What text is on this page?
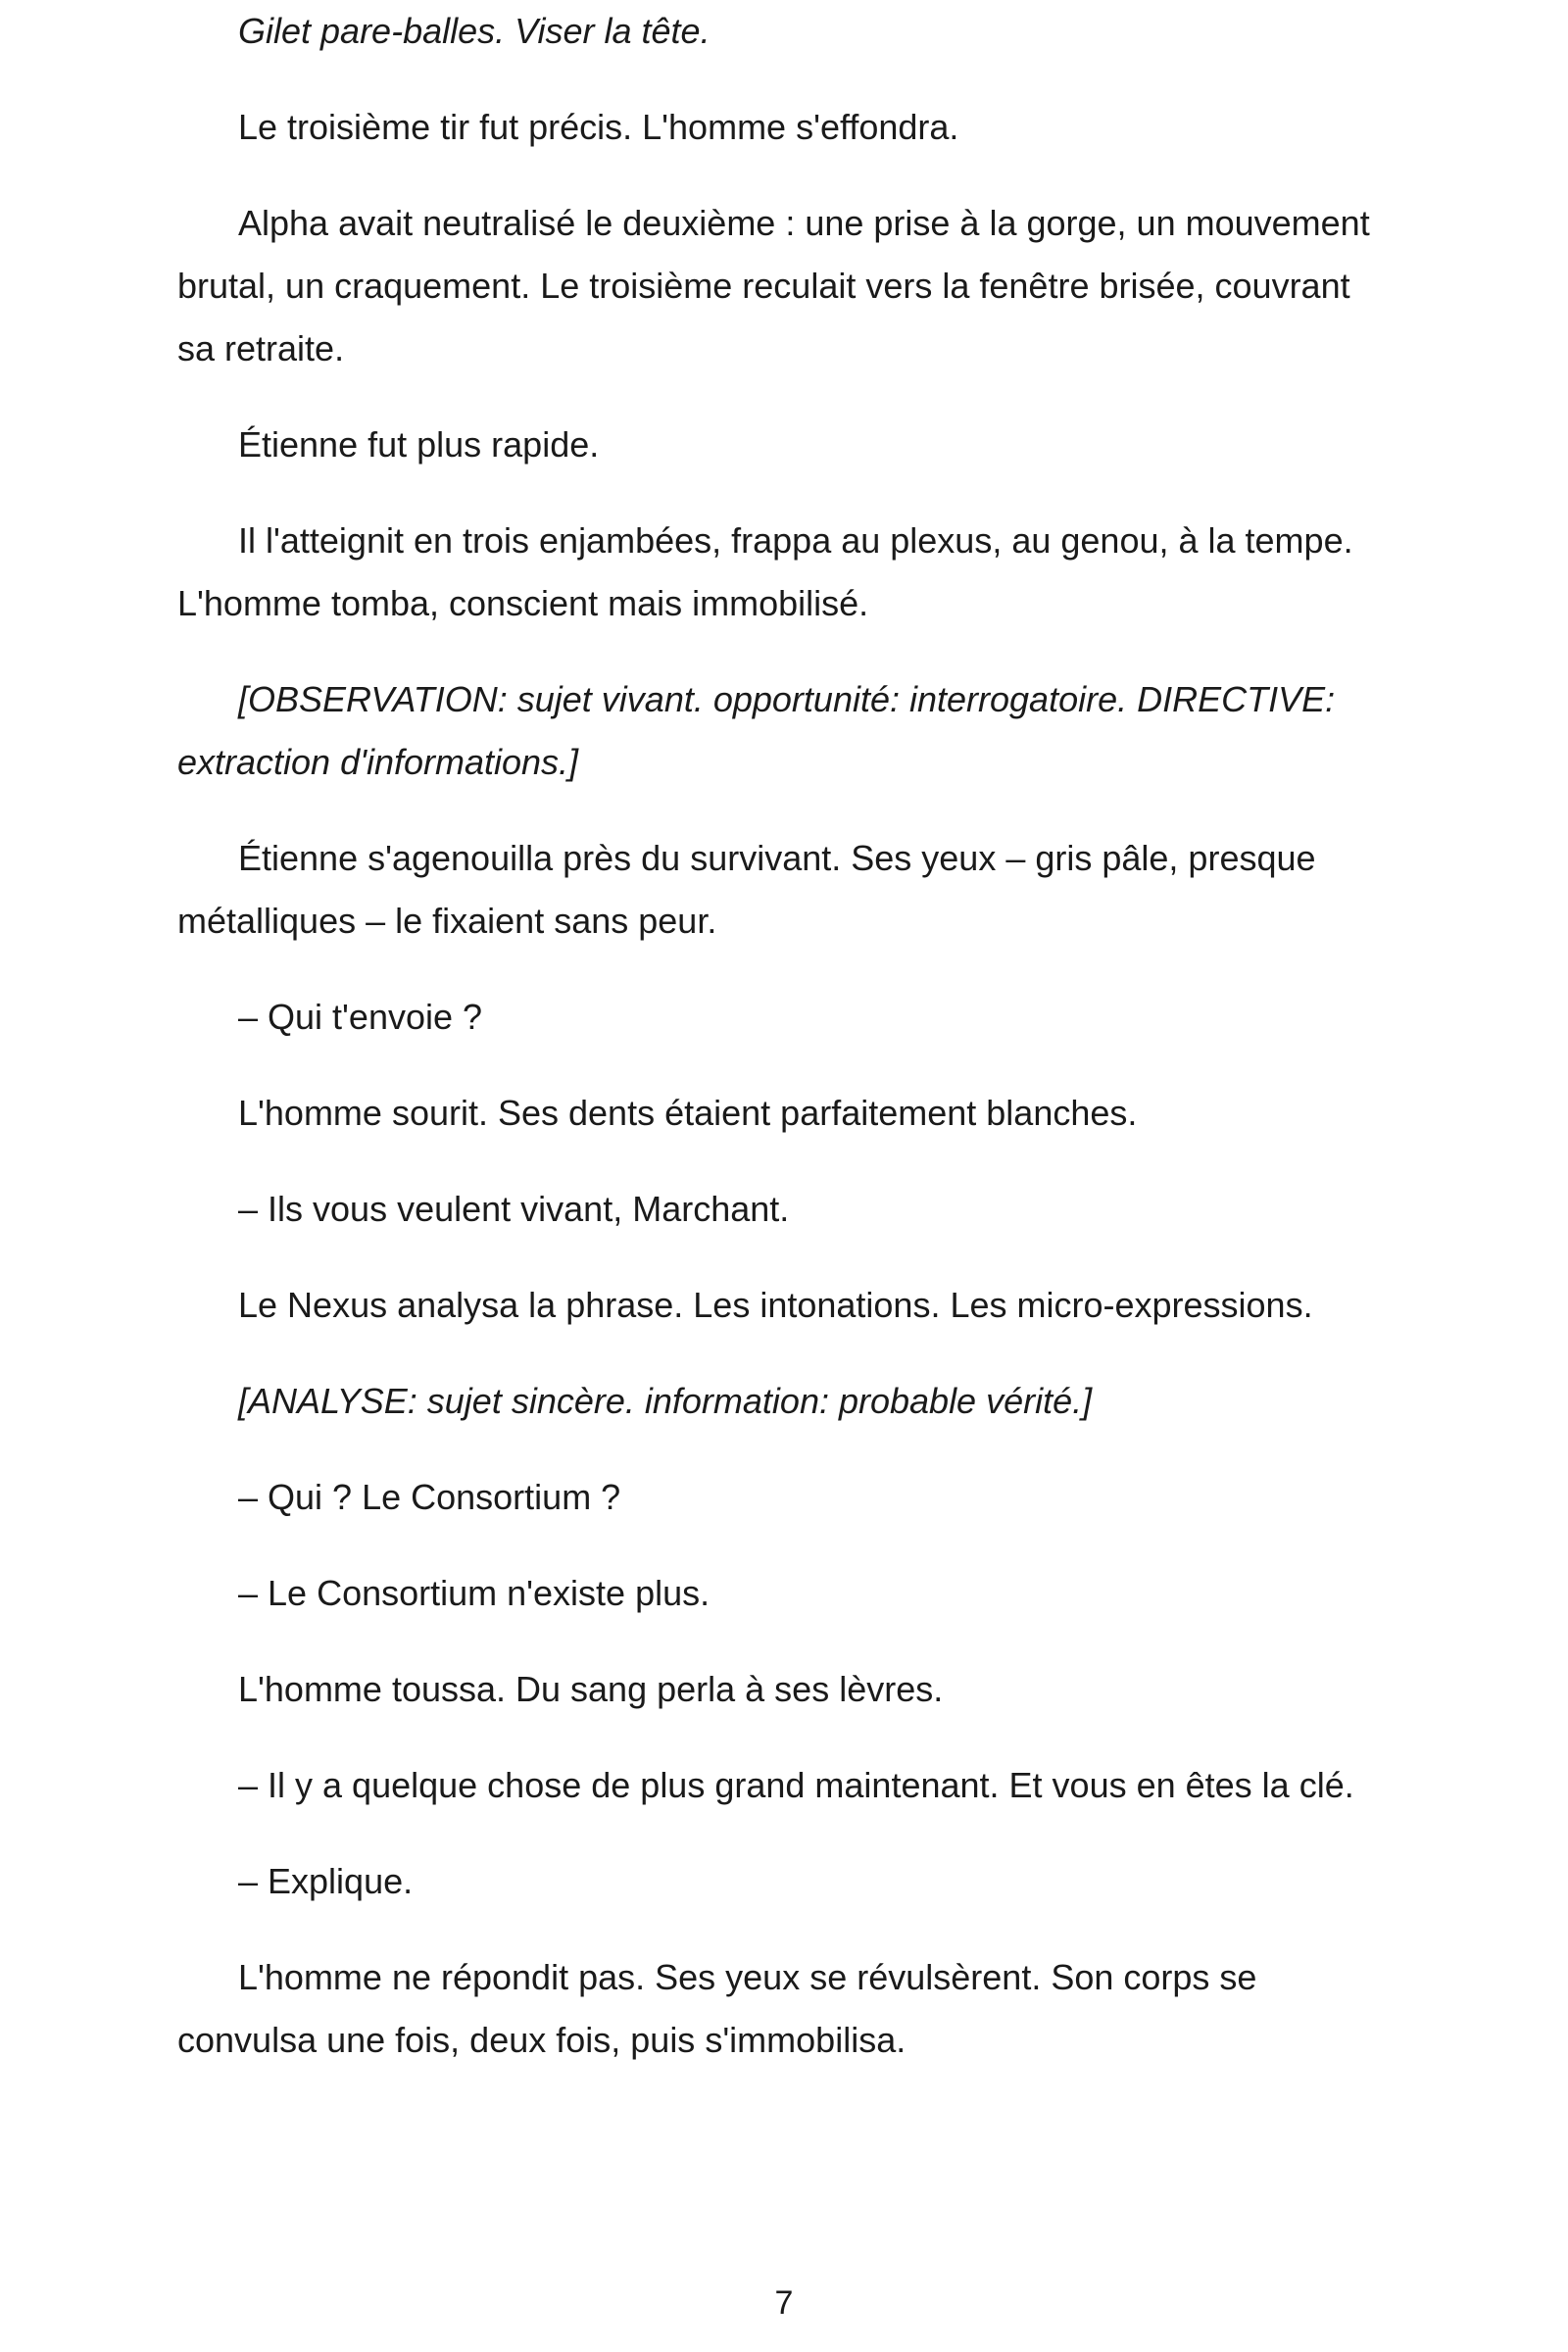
Gilet pare-balles. Viser la tête.

Le troisième tir fut précis. L'homme s'effondra.

Alpha avait neutralisé le deuxième : une prise à la gorge, un mouvement brutal, un craquement. Le troisième reculait vers la fenêtre brisée, couvrant sa retraite.

Étienne fut plus rapide.

Il l'atteignit en trois enjambées, frappa au plexus, au genou, à la tempe. L'homme tomba, conscient mais immobilisé.

[OBSERVATION: sujet vivant. opportunité: interrogatoire. DIRECTIVE: extraction d'informations.]

Étienne s'agenouilla près du survivant. Ses yeux – gris pâle, presque métalliques – le fixaient sans peur.

– Qui t'envoie ?

L'homme sourit. Ses dents étaient parfaitement blanches.

– Ils vous veulent vivant, Marchant.

Le Nexus analysa la phrase. Les intonations. Les micro-expressions.

[ANALYSE: sujet sincère. information: probable vérité.]

– Qui ? Le Consortium ?

– Le Consortium n'existe plus.

L'homme toussa. Du sang perla à ses lèvres.

– Il y a quelque chose de plus grand maintenant. Et vous en êtes la clé.

– Explique.

L'homme ne répondit pas. Ses yeux se révulsèrent. Son corps se convulsa une fois, deux fois, puis s'immobilisa.

7
